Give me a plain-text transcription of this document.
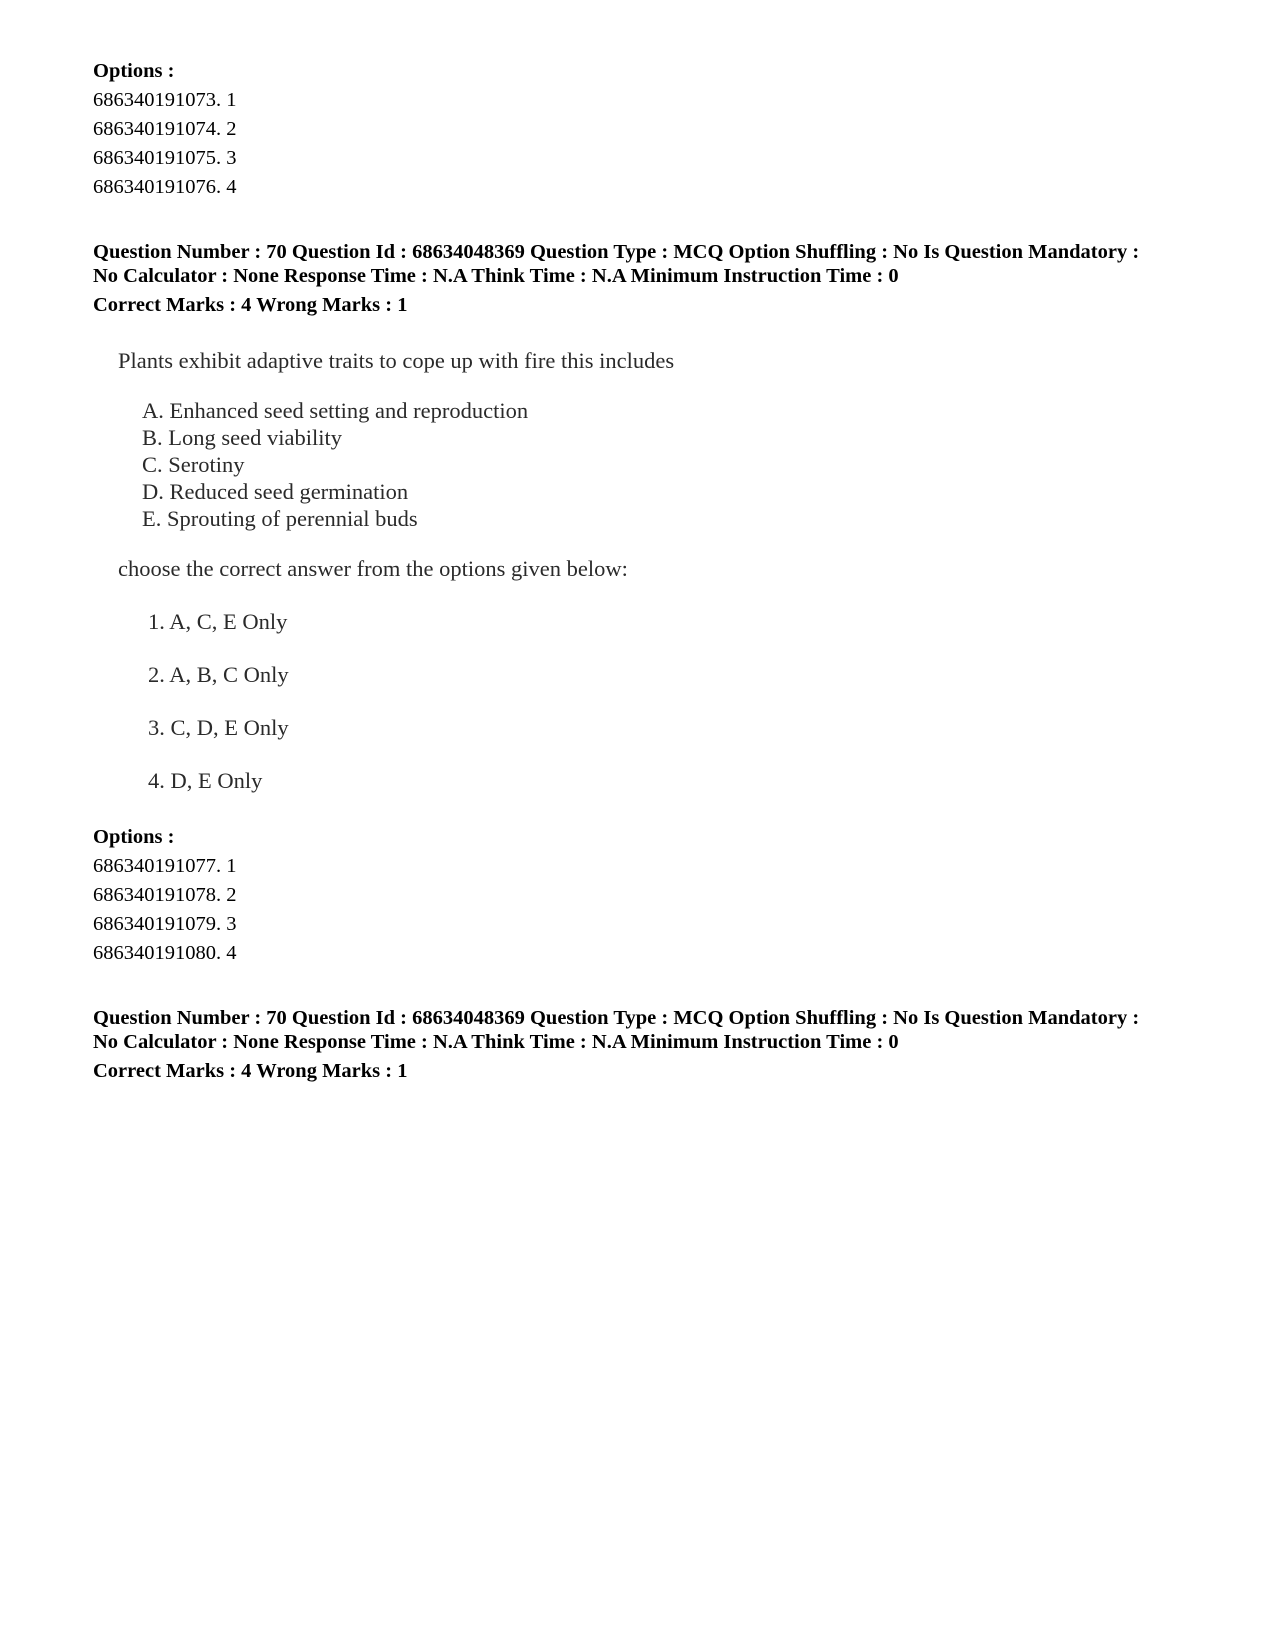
Options :
686340191073. 1
686340191074. 2
686340191075. 3
686340191076. 4
Question Number : 70 Question Id : 68634048369 Question Type : MCQ Option Shuffling : No Is Question Mandatory :
No Calculator : None Response Time : N.A Think Time : N.A Minimum Instruction Time : 0
Correct Marks : 4 Wrong Marks : 1
Plants exhibit adaptive traits to cope up with fire this includes
A. Enhanced seed setting and reproduction
B. Long seed viability
C. Serotiny
D. Reduced seed germination
E. Sprouting of perennial buds
choose the correct answer from the options given below:
1. A, C, E Only
2. A, B, C Only
3. C, D, E Only
4. D, E Only
Options :
686340191077. 1
686340191078. 2
686340191079. 3
686340191080. 4
Question Number : 70 Question Id : 68634048369 Question Type : MCQ Option Shuffling : No Is Question Mandatory :
No Calculator : None Response Time : N.A Think Time : N.A Minimum Instruction Time : 0
Correct Marks : 4 Wrong Marks : 1
